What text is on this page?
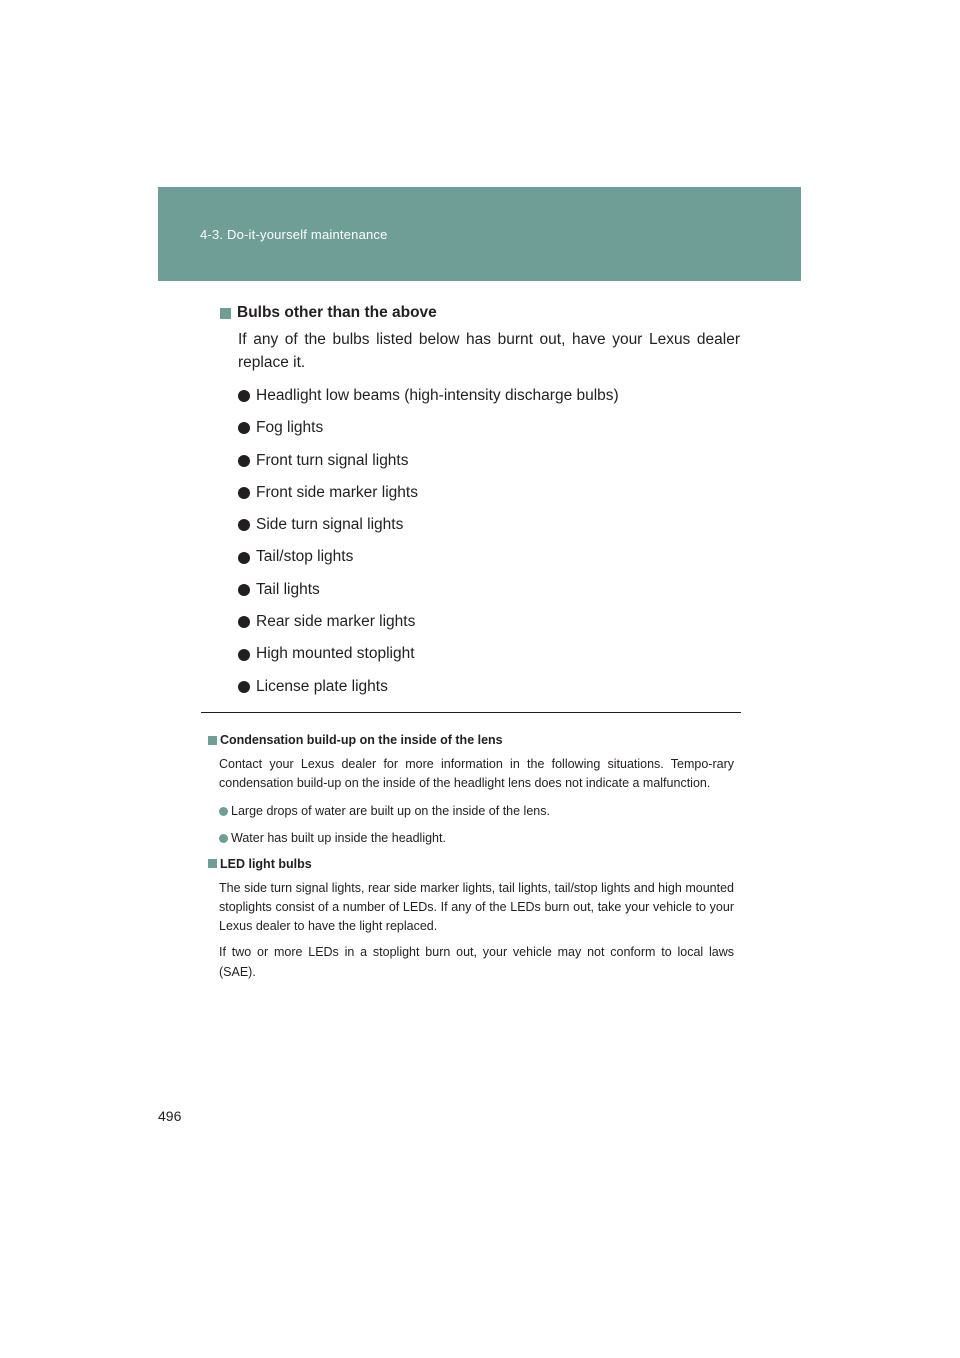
4-3. Do-it-yourself maintenance

Bulbs other than the above

If any of the bulbs listed below has burnt out, have your Lexus dealer replace it.

Headlight low beams (high-intensity discharge bulbs)
Fog lights
Front turn signal lights
Front side marker lights
Side turn signal lights
Tail/stop lights
Tail lights
Rear side marker lights
High mounted stoplight
License plate lights

Condensation build-up on the inside of the lens

Contact your Lexus dealer for more information in the following situations. Tempo-rary condensation build-up on the inside of the headlight lens does not indicate a malfunction.

Large drops of water are built up on the inside of the lens.
Water has built up inside the headlight.

LED light bulbs

The side turn signal lights, rear side marker lights, tail lights, tail/stop lights and high mounted stoplights consist of a number of LEDs. If any of the LEDs burn out, take your vehicle to your Lexus dealer to have the light replaced.

If two or more LEDs in a stoplight burn out, your vehicle may not conform to local laws (SAE).

496
